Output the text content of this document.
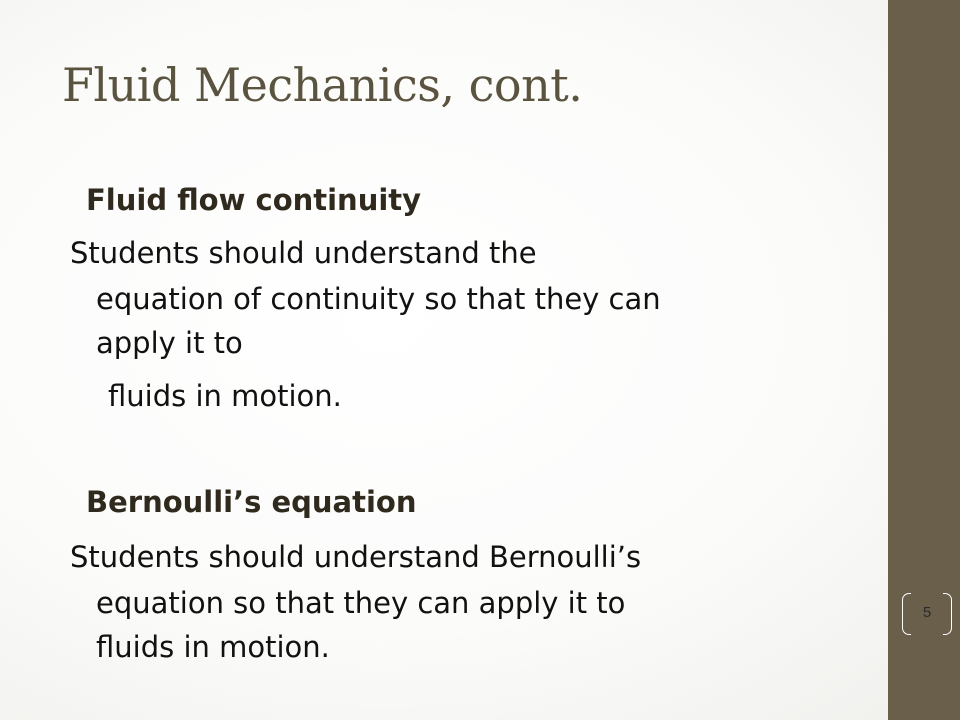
Fluid Mechanics, cont.
Fluid flow continuity
Students should understand the
equation of continuity so that they can
apply it to
fluids in motion.
Bernoulli’s equation
Students should understand Bernoulli’s
equation so that they can apply it to
fluids in motion.
5
